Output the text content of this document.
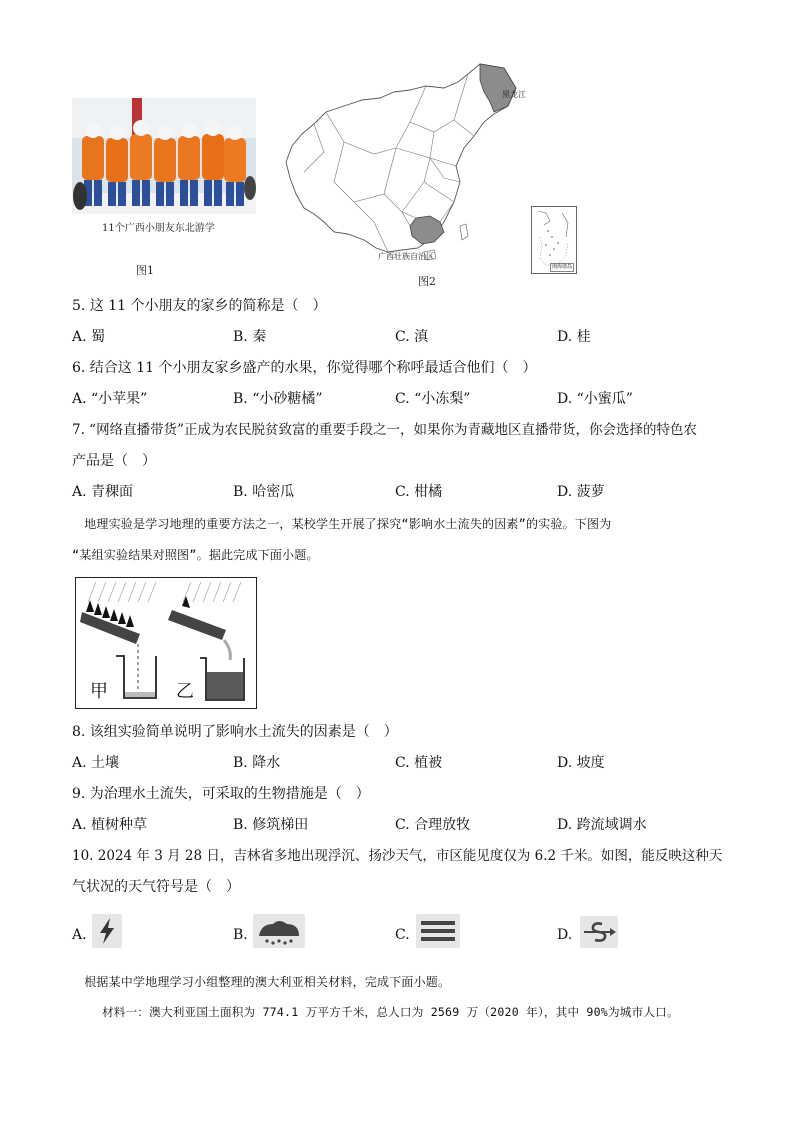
11个广西小朋友东北游学
图1
黑龙江
广西壮族自治区
南海诸岛
图2
5. 这 11 个小朋友的家乡的简称是（　）
A. 蜀	B. 秦	C. 滇	D. 桂
6. 结合这 11 个小朋友家乡盛产的水果，你觉得哪个称呼最适合他们（　）
A. “小苹果”	B. “小砂糖橘”	C. “小冻梨”	D. “小蜜瓜”
7. “网络直播带货”正成为农民脱贫致富的重要手段之一，如果你为青藏地区直播带货，你会选择的特色农
产品是（　）
A. 青稞面	B. 哈密瓜	C. 柑橘	D. 菠萝
　地理实验是学习地理的重要方法之一，某校学生开展了探究“影响水土流失的因素”的实验。下图为
“某组实验结果对照图”。据此完成下面小题。
甲	乙
8. 该组实验简单说明了影响水土流失的因素是（　）
A. 土壤	B. 降水	C. 植被	D. 坡度
9. 为治理水土流失，可采取的生物措施是（　）
A. 植树种草	B. 修筑梯田	C. 合理放牧	D. 跨流域调水
10. 2024 年 3 月 28 日，吉林省多地出现浮沉、扬沙天气，市区能见度仅为 6.2 千米。如图，能反映这种天
气状况的天气符号是（　）
A.	B.	C.	D.
　根据某中学地理学习小组整理的澳大利亚相关材料，完成下面小题。
材料一：澳大利亚国土面积为 774.1 万平方千米，总人口为 2569 万（2020 年），其中 90%为城市人口。
